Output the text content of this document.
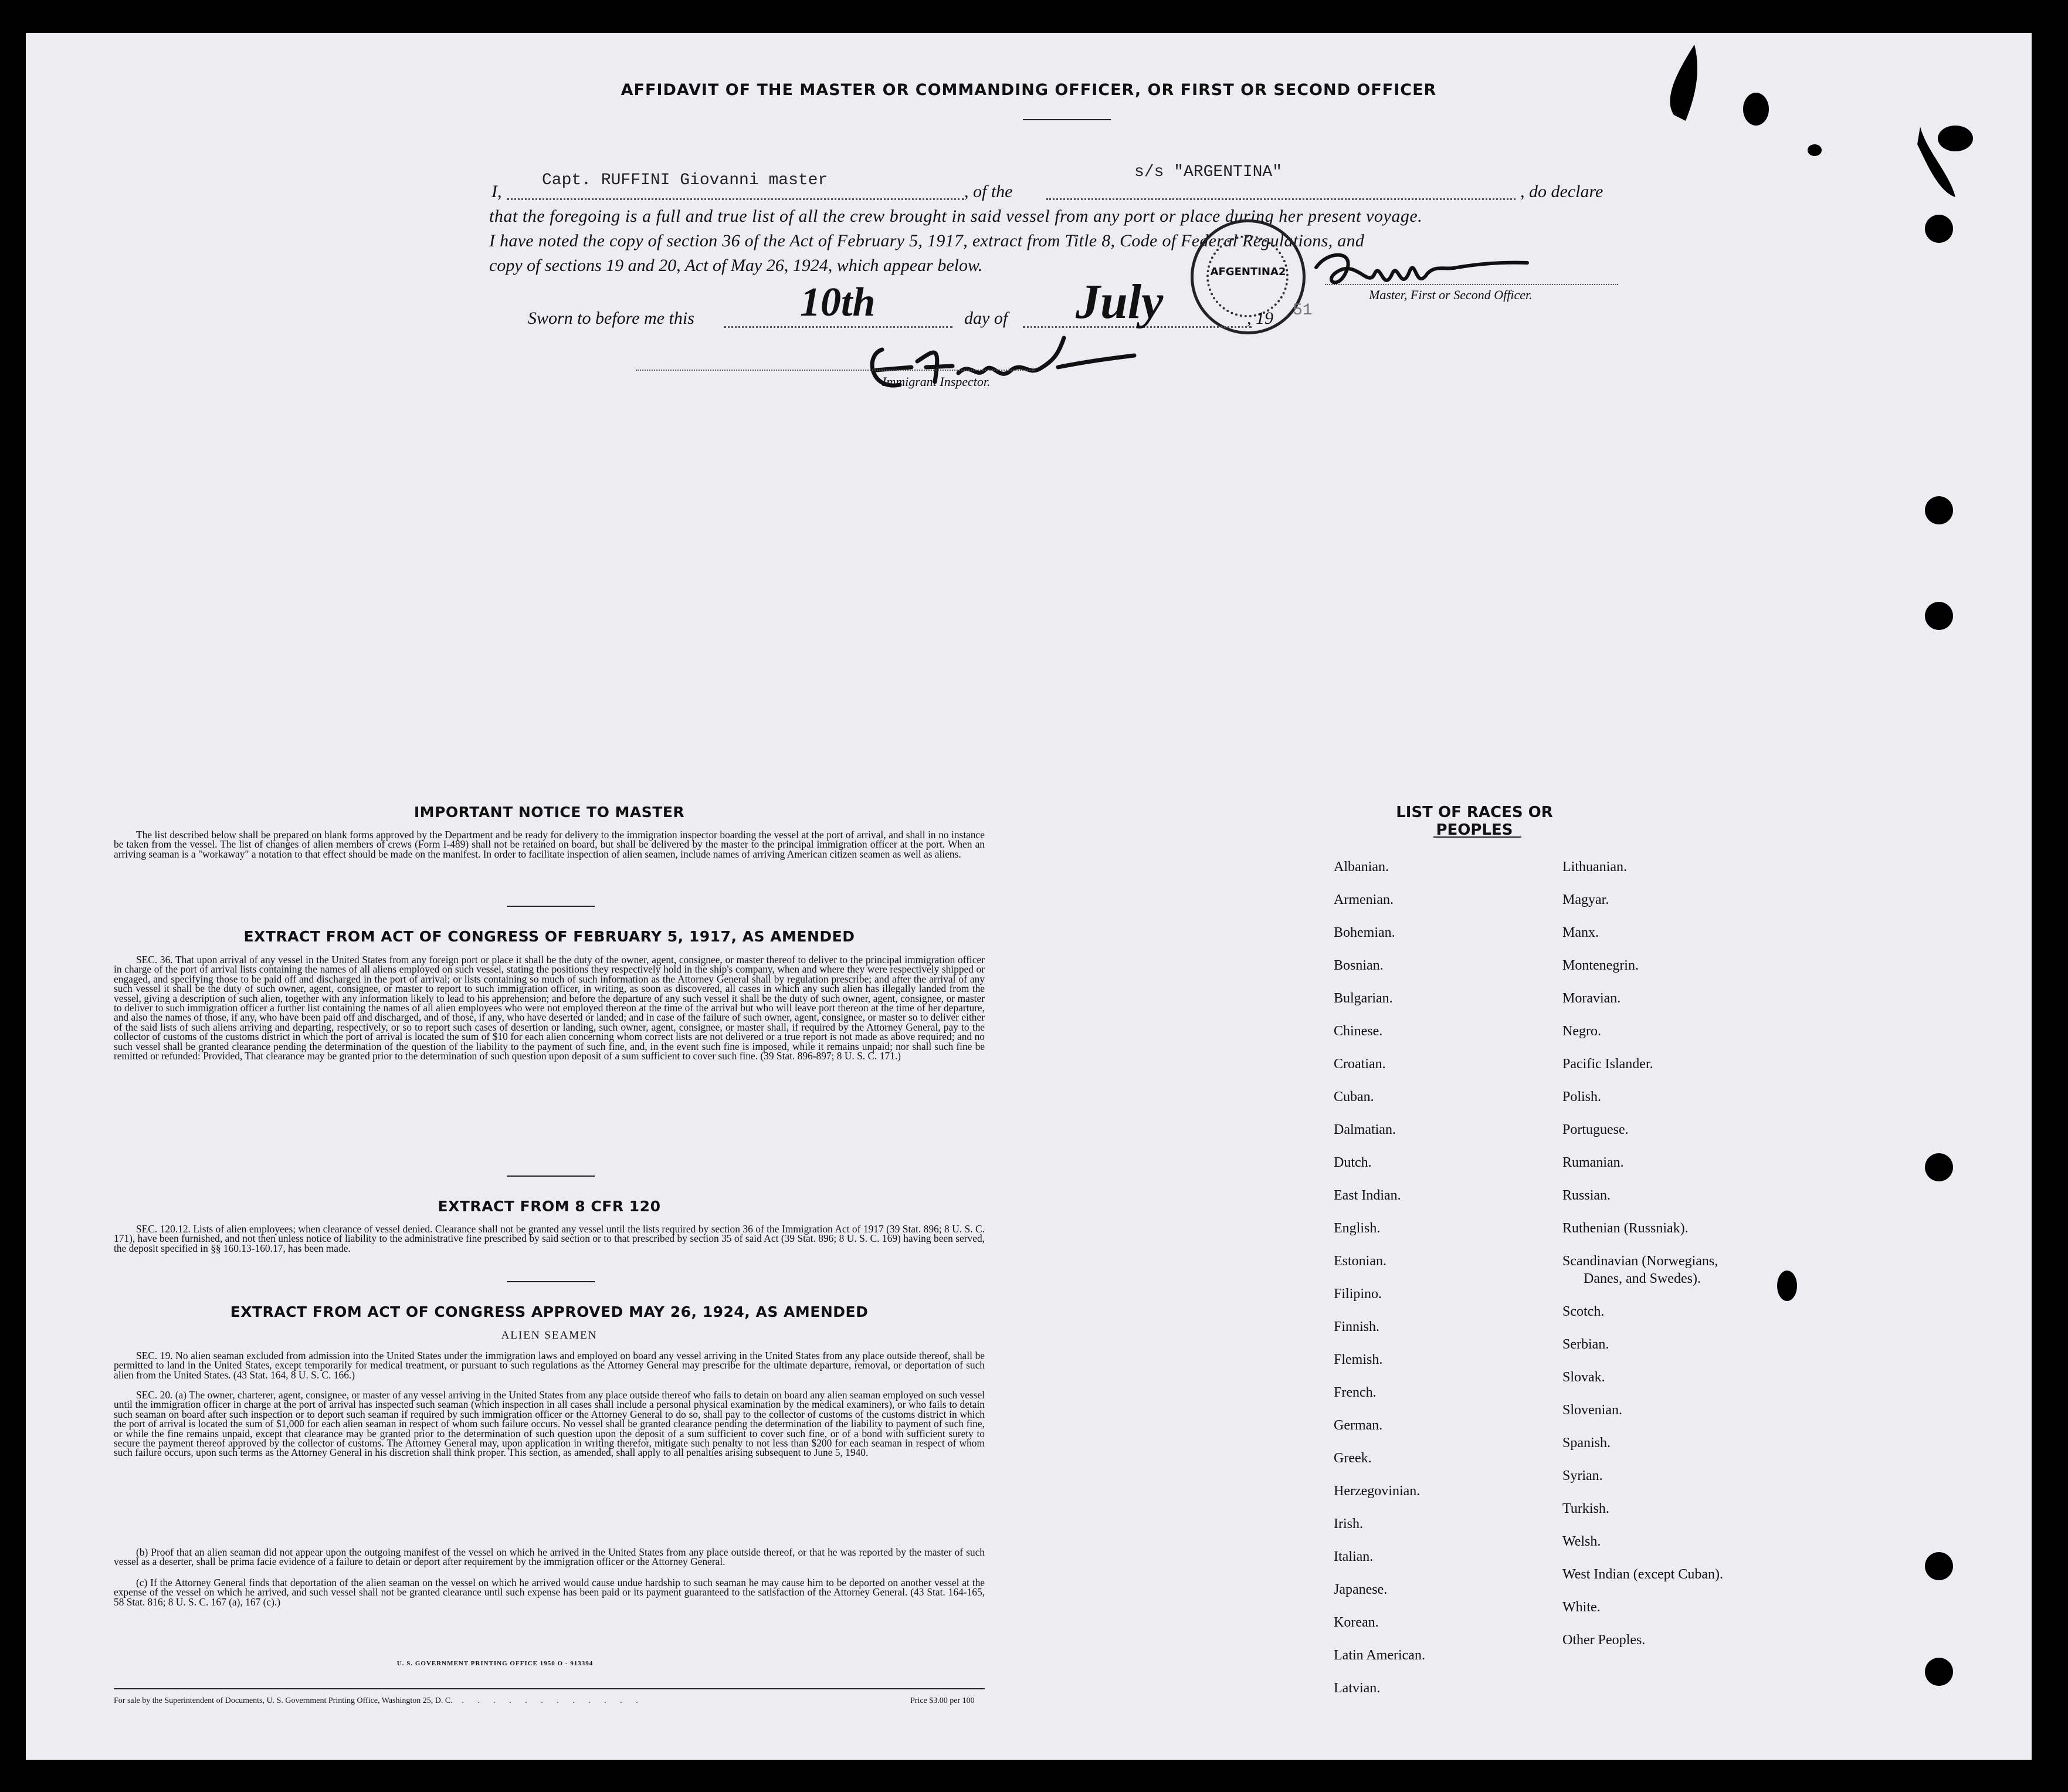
AFFIDAVIT OF THE MASTER OR COMMANDING OFFICER, OR FIRST OR SECOND OFFICER
I,
Capt. RUFFINI Giovanni master
, of the
s/s "ARGENTINA"
, do declare
that the foregoing is a full and true list of all the crew brought in said vessel from any port or place during her present voyage.
I have noted the copy of section 36 of the Act of February 5, 1917, extract from Title 8, Code of Federal Regulations, and
copy of sections 19 and 20, Act of May 26, 1924, which appear below.	AFGENTINA2
Master, First or Second Officer.
Sworn to before me this	10th	day of July	, 19 51
Immigrant Inspector.
IMPORTANT NOTICE TO MASTER

The list described below shall be prepared on blank forms approved by the Department and be ready for delivery to the immigration inspector boarding the vessel at the port of arrival, and shall in no instance be taken from the vessel. The list of changes of alien members of crews (Form I-489) shall not be retained on board, but shall be delivered by the master to the principal immigration officer at the port. When an arriving seaman is a "workaway" a notation to that effect should be made on the manifest. In order to facilitate inspection of alien seamen, include names of arriving American citizen seamen as well as aliens.

EXTRACT FROM ACT OF CONGRESS OF FEBRUARY 5, 1917, AS AMENDED

SEC. 36. That upon arrival of any vessel in the United States from any foreign port or place it shall be the duty of the owner, agent, consignee, or master thereof to deliver to the principal immigration officer in charge of the port of arrival lists containing the names of all aliens employed on such vessel, stating the positions they respectively hold in the ship's company, when and where they were respectively shipped or engaged, and specifying those to be paid off and discharged in the port of arrival; or lists containing so much of such information as the Attorney General shall by regulation prescribe; and after the arrival of any such vessel it shall be the duty of such owner, agent, consignee, or master to report to such immigration officer, in writing, as soon as discovered, all cases in which any such alien has illegally landed from the vessel, giving a description of such alien, together with any information likely to lead to his apprehension; and before the departure of any such vessel it shall be the duty of such owner, agent, consignee, or master to deliver to such immigration officer a further list containing the names of all alien employees who were not employed thereon at the time of the arrival but who will leave port thereon at the time of her departure, and also the names of those, if any, who have been paid off and discharged, and of those, if any, who have deserted or landed; and in case of the failure of such owner, agent, consignee, or master so to deliver either of the said lists of such aliens arriving and departing, respectively, or so to report such cases of desertion or landing, such owner, agent, consignee, or master shall, if required by the Attorney General, pay to the collector of customs of the customs district in which the port of arrival is located the sum of $10 for each alien concerning whom correct lists are not delivered or a true report is not made as above required; and no such vessel shall be granted clearance pending the determination of the question of the liability to the payment of such fine, and, in the event such fine is imposed, while it remains unpaid; nor shall such fine be remitted or refunded: Provided, That clearance may be granted prior to the determination of such question upon deposit of a sum sufficient to cover such fine. (39 Stat. 896-897; 8 U. S. C. 171.)

EXTRACT FROM 8 CFR 120

SEC. 120.12. Lists of alien employees; when clearance of vessel denied. Clearance shall not be granted any vessel until the lists required by section 36 of the Immigration Act of 1917 (39 Stat. 896; 8 U. S. C. 171), have been furnished, and not then unless notice of liability to the administrative fine prescribed by said section or to that prescribed by section 35 of said Act (39 Stat. 896; 8 U. S. C. 169) having been served, the deposit specified in §§ 160.13-160.17, has been made.

EXTRACT FROM ACT OF CONGRESS APPROVED MAY 26, 1924, AS AMENDED
ALIEN SEAMEN

SEC. 19. No alien seaman excluded from admission into the United States under the immigration laws and employed on board any vessel arriving in the United States from any place outside thereof, shall be permitted to land in the United States, except temporarily for medical treatment, or pursuant to such regulations as the Attorney General may prescribe for the ultimate departure, removal, or deportation of such alien from the United States. (43 Stat. 164, 8 U. S. C. 166.)

SEC. 20. (a) The owner, charterer, agent, consignee, or master of any vessel arriving in the United States from any place outside thereof who fails to detain on board any alien seaman employed on such vessel until the immigration officer in charge at the port of arrival has inspected such seaman (which inspection in all cases shall include a personal physical examination by the medical examiners), or who fails to detain such seaman on board after such inspection or to deport such seaman if required by such immigration officer or the Attorney General to do so, shall pay to the collector of customs of the customs district in which the port of arrival is located the sum of $1,000 for each alien seaman in respect of whom such failure occurs. No vessel shall be granted clearance pending the determination of the liability to payment of such fine, or while the fine remains unpaid, except that clearance may be granted prior to the determination of such question upon the deposit of a sum sufficient to cover such fine, or of a bond with sufficient surety to secure the payment thereof approved by the collector of customs. The Attorney General may, upon application in writing therefor, mitigate such penalty to not less than $200 for each seaman in respect of whom such failure occurs, upon such terms as the Attorney General in his discretion shall think proper. This section, as amended, shall apply to all penalties arising subsequent to June 5, 1940.

(b) Proof that an alien seaman did not appear upon the outgoing manifest of the vessel on which he arrived in the United States from any place outside thereof, or that he was reported by the master of such vessel as a deserter, shall be prima facie evidence of a failure to detain or deport after requirement by the immigration officer or the Attorney General.

(c) If the Attorney General finds that deportation of the alien seaman on the vessel on which he arrived would cause undue hardship to such seaman he may cause him to be deported on another vessel at the expense of the vessel on which he arrived, and such vessel shall not be granted clearance until such expense has been paid or its payment guaranteed to the satisfaction of the Attorney General. (43 Stat. 164-165, 58 Stat. 816; 8 U. S. C. 167 (a), 167 (c).)

U. S. GOVERNMENT PRINTING OFFICE 1950 O - 913394
For sale by the Superintendent of Documents, U. S. Government Printing Office, Washington 25, D. C. . . . . . . . . . . . .	Price $3.00 per 100
LIST OF RACES OR PEOPLES
Albanian.
Armenian.
Bohemian.
Bosnian.
Bulgarian.
Chinese.
Croatian.
Cuban.
Dalmatian.
Dutch.
East Indian.
English.
Estonian.
Filipino.
Finnish.
Flemish.
French.
German.
Greek.
Herzegovinian.
Irish.
Italian.
Japanese.
Korean.
Latin American.
Latvian.
Lithuanian.
Magyar.
Manx.
Montenegrin.
Moravian.
Negro.
Pacific Islander.
Polish.
Portuguese.
Rumanian.
Russian.
Ruthenian (Russniak).
Scandinavian (Norwegians,
Danes, and Swedes).
Scotch.
Serbian.
Slovak.
Slovenian.
Spanish.
Syrian.
Turkish.
Welsh.
West Indian (except Cuban).
White.
Other Peoples.
